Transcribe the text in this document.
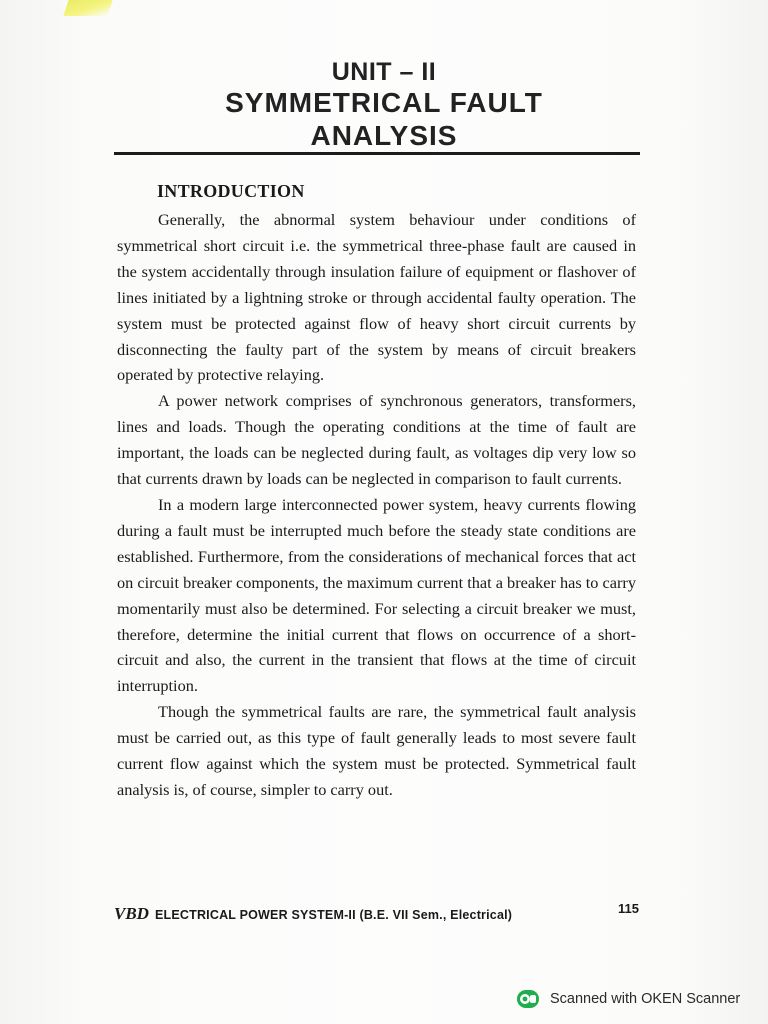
UNIT – II
SYMMETRICAL FAULT
ANALYSIS
INTRODUCTION

Generally, the abnormal system behaviour under conditions of symmetrical short circuit i.e. the symmetrical three-phase fault are caused in the system accidentally through insulation failure of equipment or flashover of lines initiated by a lightning stroke or through accidental faulty operation. The system must be protected against flow of heavy short circuit currents by disconnecting the faulty part of the system by means of circuit breakers operated by protective relaying.

A power network comprises of synchronous generators, transformers, lines and loads. Though the operating conditions at the time of fault are important, the loads can be neglected during fault, as voltages dip very low so that currents drawn by loads can be neglected in comparison to fault currents.

In a modern large interconnected power system, heavy currents flowing during a fault must be interrupted much before the steady state conditions are established. Furthermore, from the considerations of mechanical forces that act on circuit breaker components, the maximum current that a breaker has to carry momentarily must also be determined. For selecting a circuit breaker we must, therefore, determine the initial current that flows on occurrence of a short-circuit and also, the current in the transient that flows at the time of circuit interruption.

Though the symmetrical faults are rare, the symmetrical fault analysis must be carried out, as this type of fault generally leads to most severe fault current flow against which the system must be protected. Symmetrical fault analysis is, of course, simpler to carry out.

VBD ELECTRICAL POWER SYSTEM-II (B.E. VII Sem., Electrical)	115
Scanned with OKEN Scanner
